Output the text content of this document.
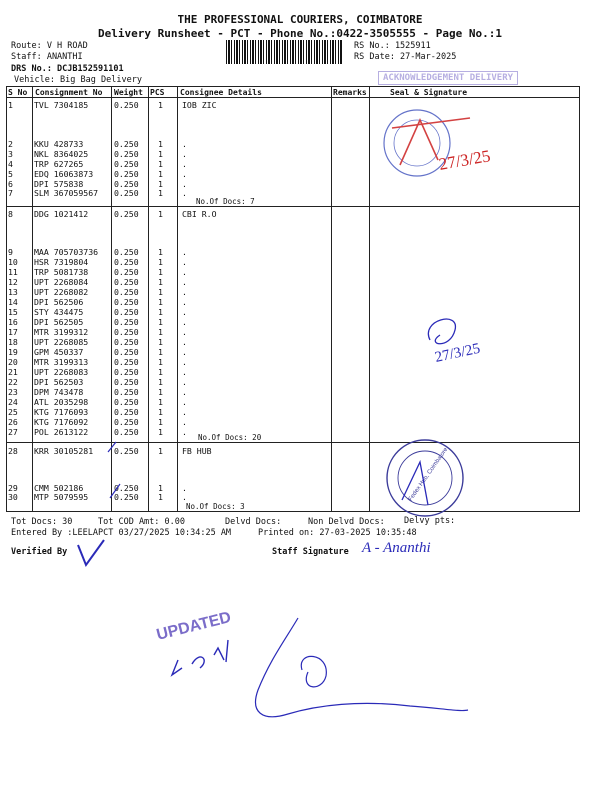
THE PROFESSIONAL COURIERS, COIMBATORE
Delivery Runsheet - PCT - Phone No.:0422-3505555 - Page No.:1
Route: V H ROAD
Staff: ANANTHI
DRS No.: DCJB152591101
Vehicle: Big Bag Delivery
RS No.: 1525911
RS Date: 27-Mar-2025
ACKNOWLEDGEMENT DELIVERY
S No Consignment No Weight PCS Consignee Details	Remarks	Seal & Signature
1	TVL 7304185	0.250 1 IOB ZIC
2	KKU 428733	0.250 1 .
3	NKL 8364025	0.250 1 .
4	TRP 627265	0.250 1 .
5	EDQ 16063873	0.250 1 .
6	DPI 575838	0.250 1 .
7	SLM 367059567 0.250 1 .
8	DDG 1021412	0.250 1 CBI R.O
9	MAA 705703736 0.250 1 .
10 HSR 7319804	0.250 1 .
11 TRP 5081738	0.250 1 .
12 UPT 2268084	0.250 1 .
13 UPT 2268082	0.250 1 .
14 DPI 562506	0.250 1 .
15 STY 434475	0.250 1 .
16 DPI 562505	0.250 1 .
17 MTR 3199312	0.250 1 .
18 UPT 2268085	0.250 1 .
19 GPM 450337	0.250 1 .
20 MTR 3199313	0.250 1 .
21 UPT 2268083	0.250 1 .
22 DPI 562503	0.250 1 .
23 DPM 743478	0.250 1 .
24 ATL 2035298	0.250 1 .
25 KTG 7176093	0.250 1 .
26 KTG 7176092	0.250 1 .
27 POL 2613122	0.250 1 .
28 KRR 30105281	0.250 1 FB HUB
29 CMM 502186	0.250 1 .
30 MTP 5079595	0.250 1 .
No.Of Docs: 7
No.Of Docs: 20
No.Of Docs: 3
Tot Docs: 30	Tot COD Amt: 0.00	Delvd Docs:	Non Delvd Docs: Delvy pts:
Entered By :LEELAPCT 03/27/2025 10:34:25 AM	Printed on: 27-03-2025 10:35:48
Verified By	Staff Signature
27/3/25
27/3/25
Fedex Hub, Coimbatore
A - Ananthi
UPDATED
